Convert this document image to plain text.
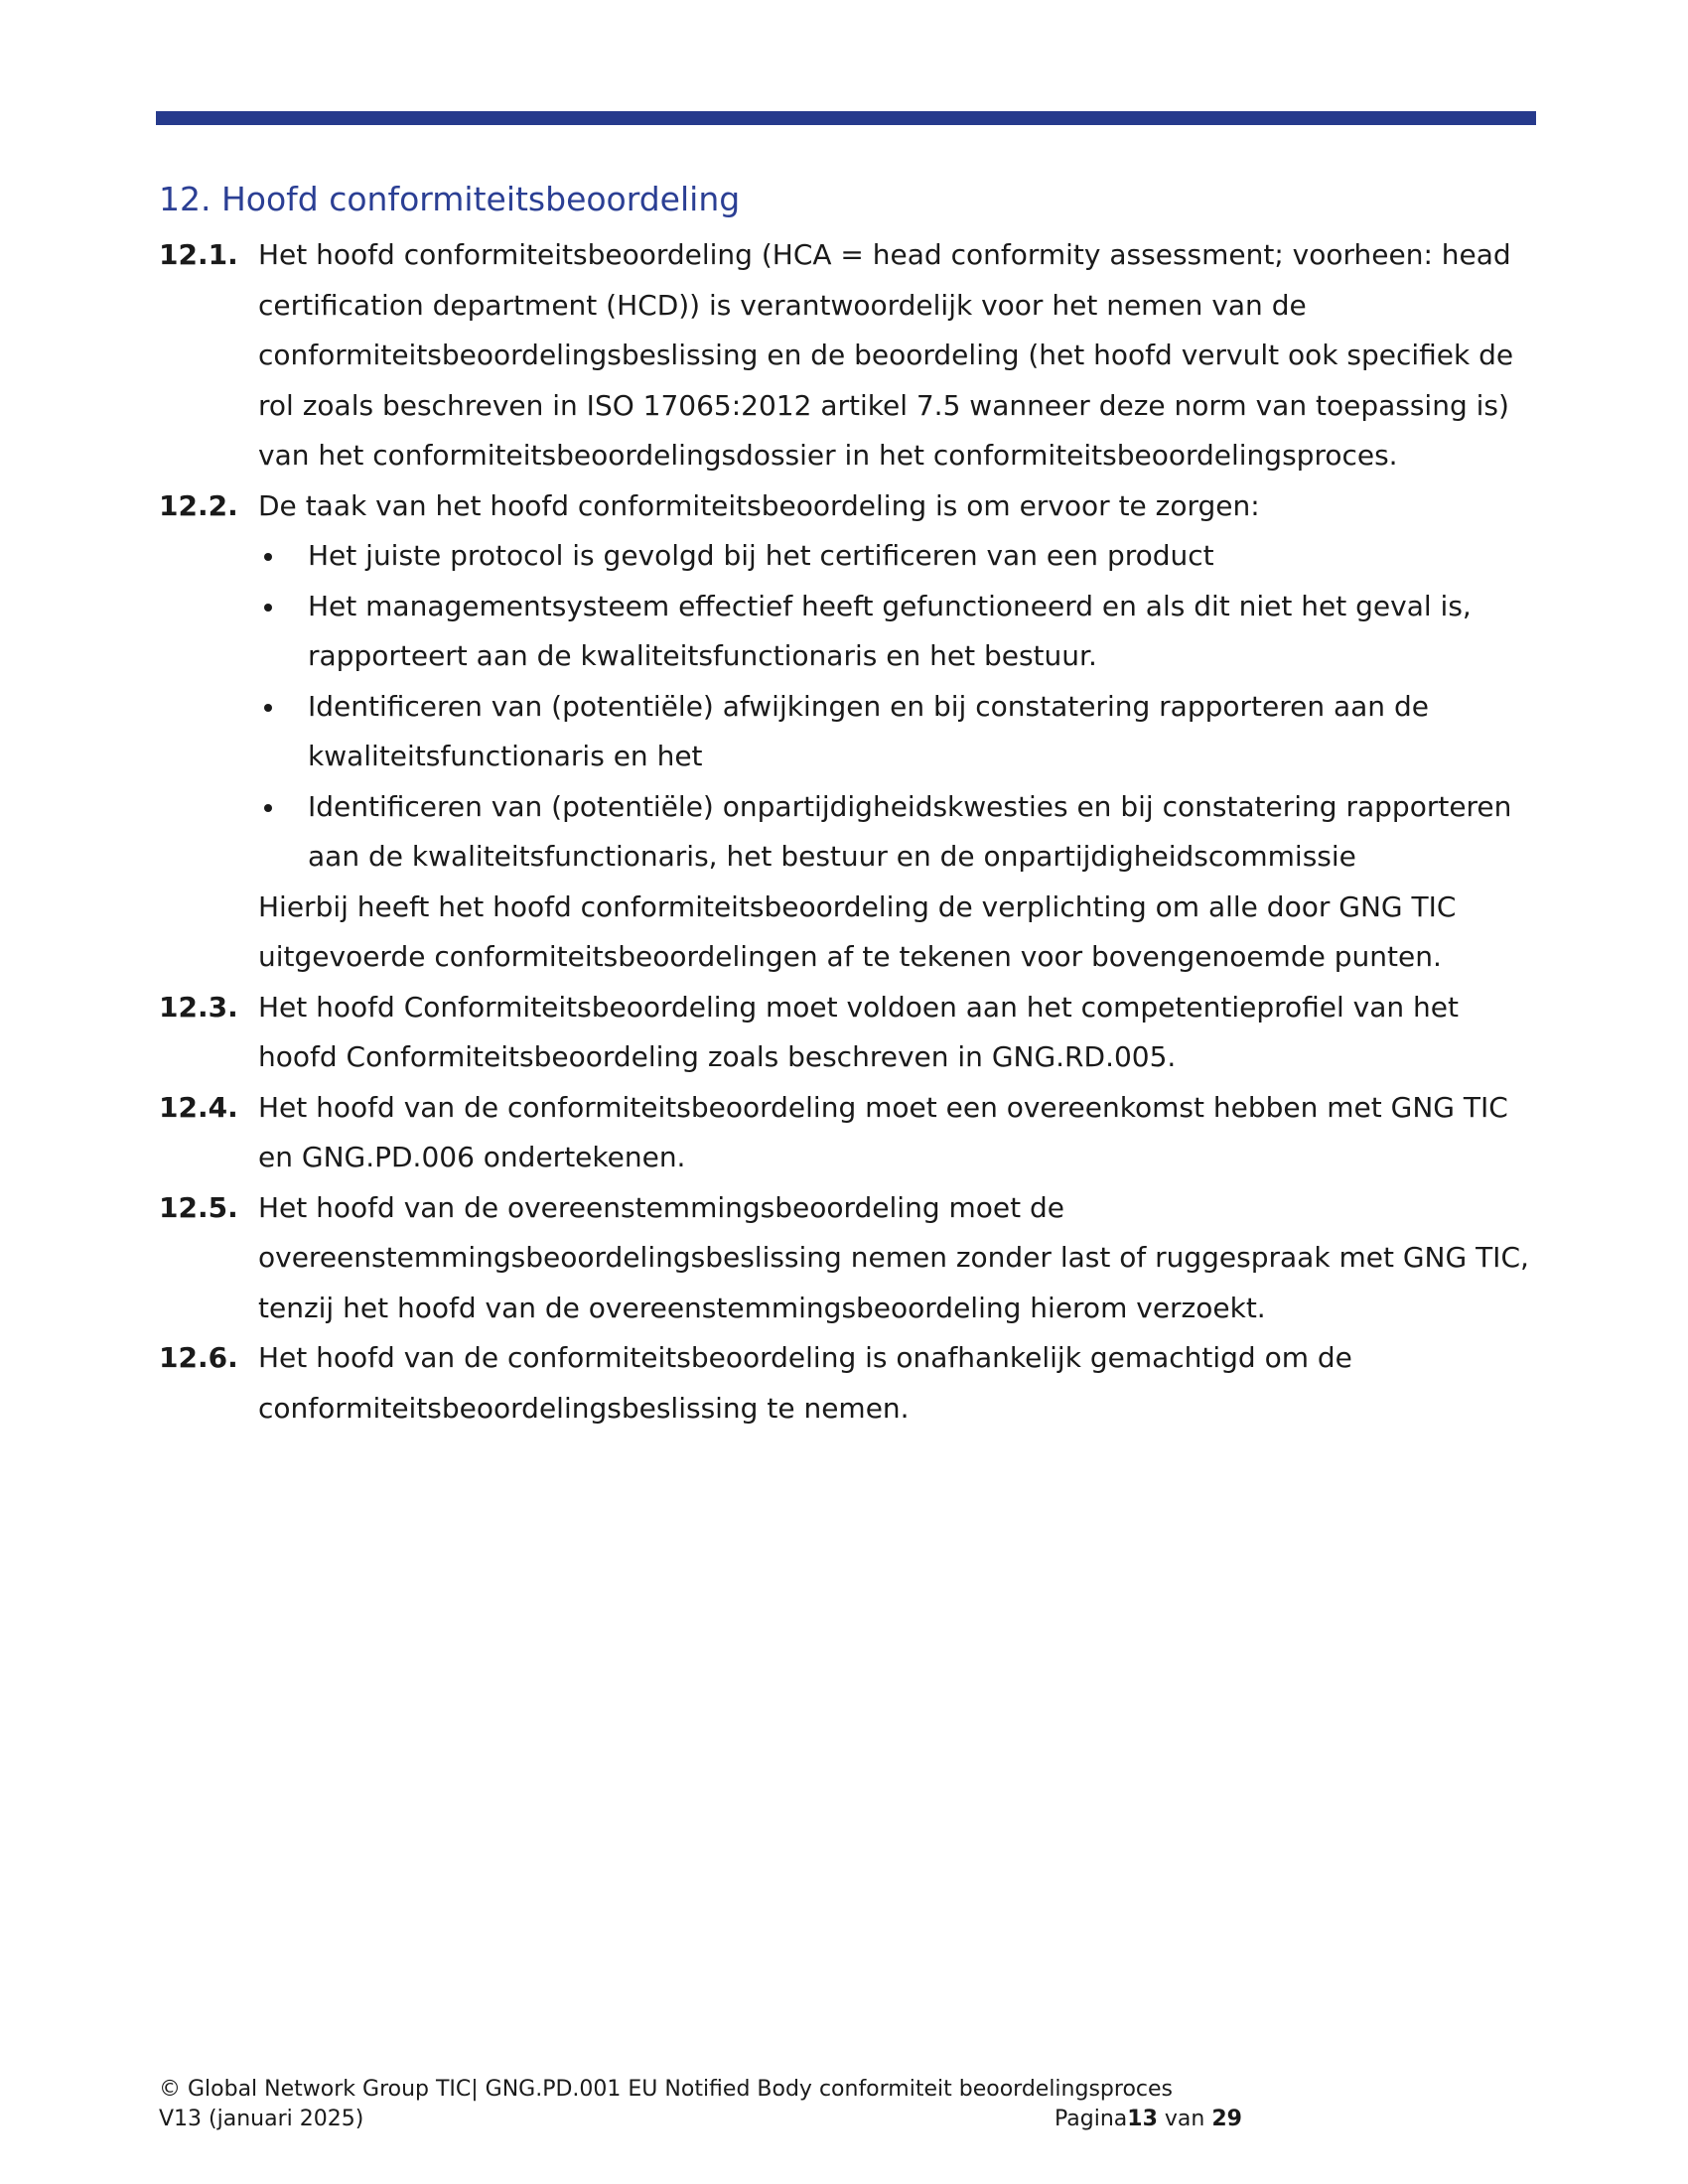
12. Hoofd conformiteitsbeoordeling
12.1. Het hoofd conformiteitsbeoordeling (HCA = head conformity assessment; voorheen: head certification department (HCD)) is verantwoordelijk voor het nemen van de conformiteitsbeoordelingsbeslissing en de beoordeling (het hoofd vervult ook specifiek de rol zoals beschreven in ISO 17065:2012 artikel 7.5 wanneer deze norm van toepassing is) van het conformiteitsbeoordelingsdossier in het conformiteitsbeoordelingsproces.

12.2. De taak van het hoofd conformiteitsbeoordeling is om ervoor te zorgen:
Het juiste protocol is gevolgd bij het certificeren van een product
Het managementsysteem effectief heeft gefunctioneerd en als dit niet het geval is, rapporteert aan de kwaliteitsfunctionaris en het bestuur.
Identificeren van (potentiële) afwijkingen en bij constatering rapporteren aan de kwaliteitsfunctionaris en het
Identificeren van (potentiële) onpartijdigheidskwesties en bij constatering rapporteren aan de kwaliteitsfunctionaris, het bestuur en de onpartijdigheidscommissie
Hierbij heeft het hoofd conformiteitsbeoordeling de verplichting om alle door GNG TIC uitgevoerde conformiteitsbeoordelingen af te tekenen voor bovengenoemde punten.
12.3. Het hoofd Conformiteitsbeoordeling moet voldoen aan het competentieprofiel van het hoofd Conformiteitsbeoordeling zoals beschreven in GNG.RD.005.

12.4. Het hoofd van de conformiteitsbeoordeling moet een overeenkomst hebben met GNG TIC en GNG.PD.006 ondertekenen.

12.5. Het hoofd van de overeenstemmingsbeoordeling moet de overeenstemmingsbeoordelingsbeslissing nemen zonder last of ruggespraak met GNG TIC, tenzij het hoofd van de overeenstemmingsbeoordeling hierom verzoekt.

12.6. Het hoofd van de conformiteitsbeoordeling is onafhankelijk gemachtigd om de conformiteitsbeoordelingsbeslissing te nemen.

© Global Network Group TIC| GNG.PD.001 EU Notified Body conformiteit beoordelingsproces
V13 (januari 2025)	Pagina13 van 29
